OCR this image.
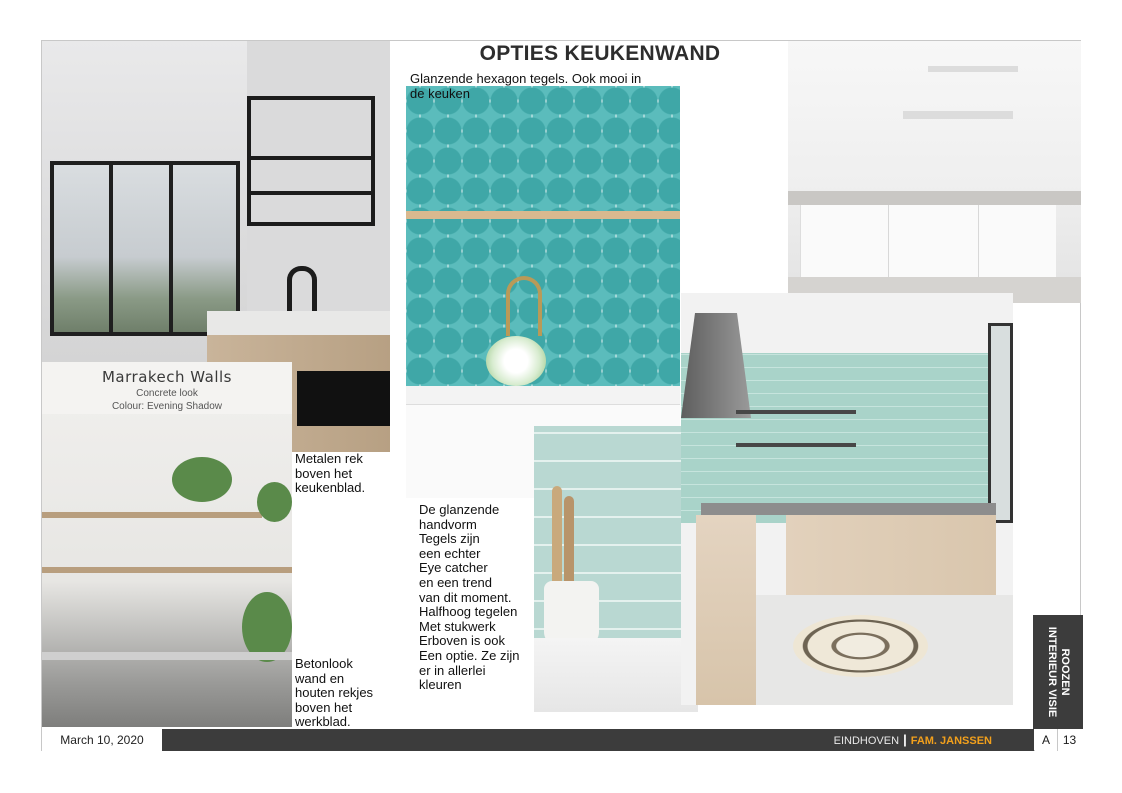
Marrakech Walls
Concrete look
Colour: Evening Shadow
OPTIES KEUKENWAND
Glanzende hexagon tegels. Ook mooi in
de keuken
Metalen rek
boven het
keukenblad.
Betonlook
wand en
houten rekjes
boven het
werkblad.
De glanzende
handvorm
Tegels zijn
een echter
Eye catcher
en een trend
van dit moment.
Halfhoog tegelen
Met stukwerk
Erboven is ook
Een optie. Ze zijn
er in allerlei
kleuren	ROOZEN
INTERIEUR VISIE
March 10, 2020	EINDHOVEN | FAM. JANSSEN	A	13
